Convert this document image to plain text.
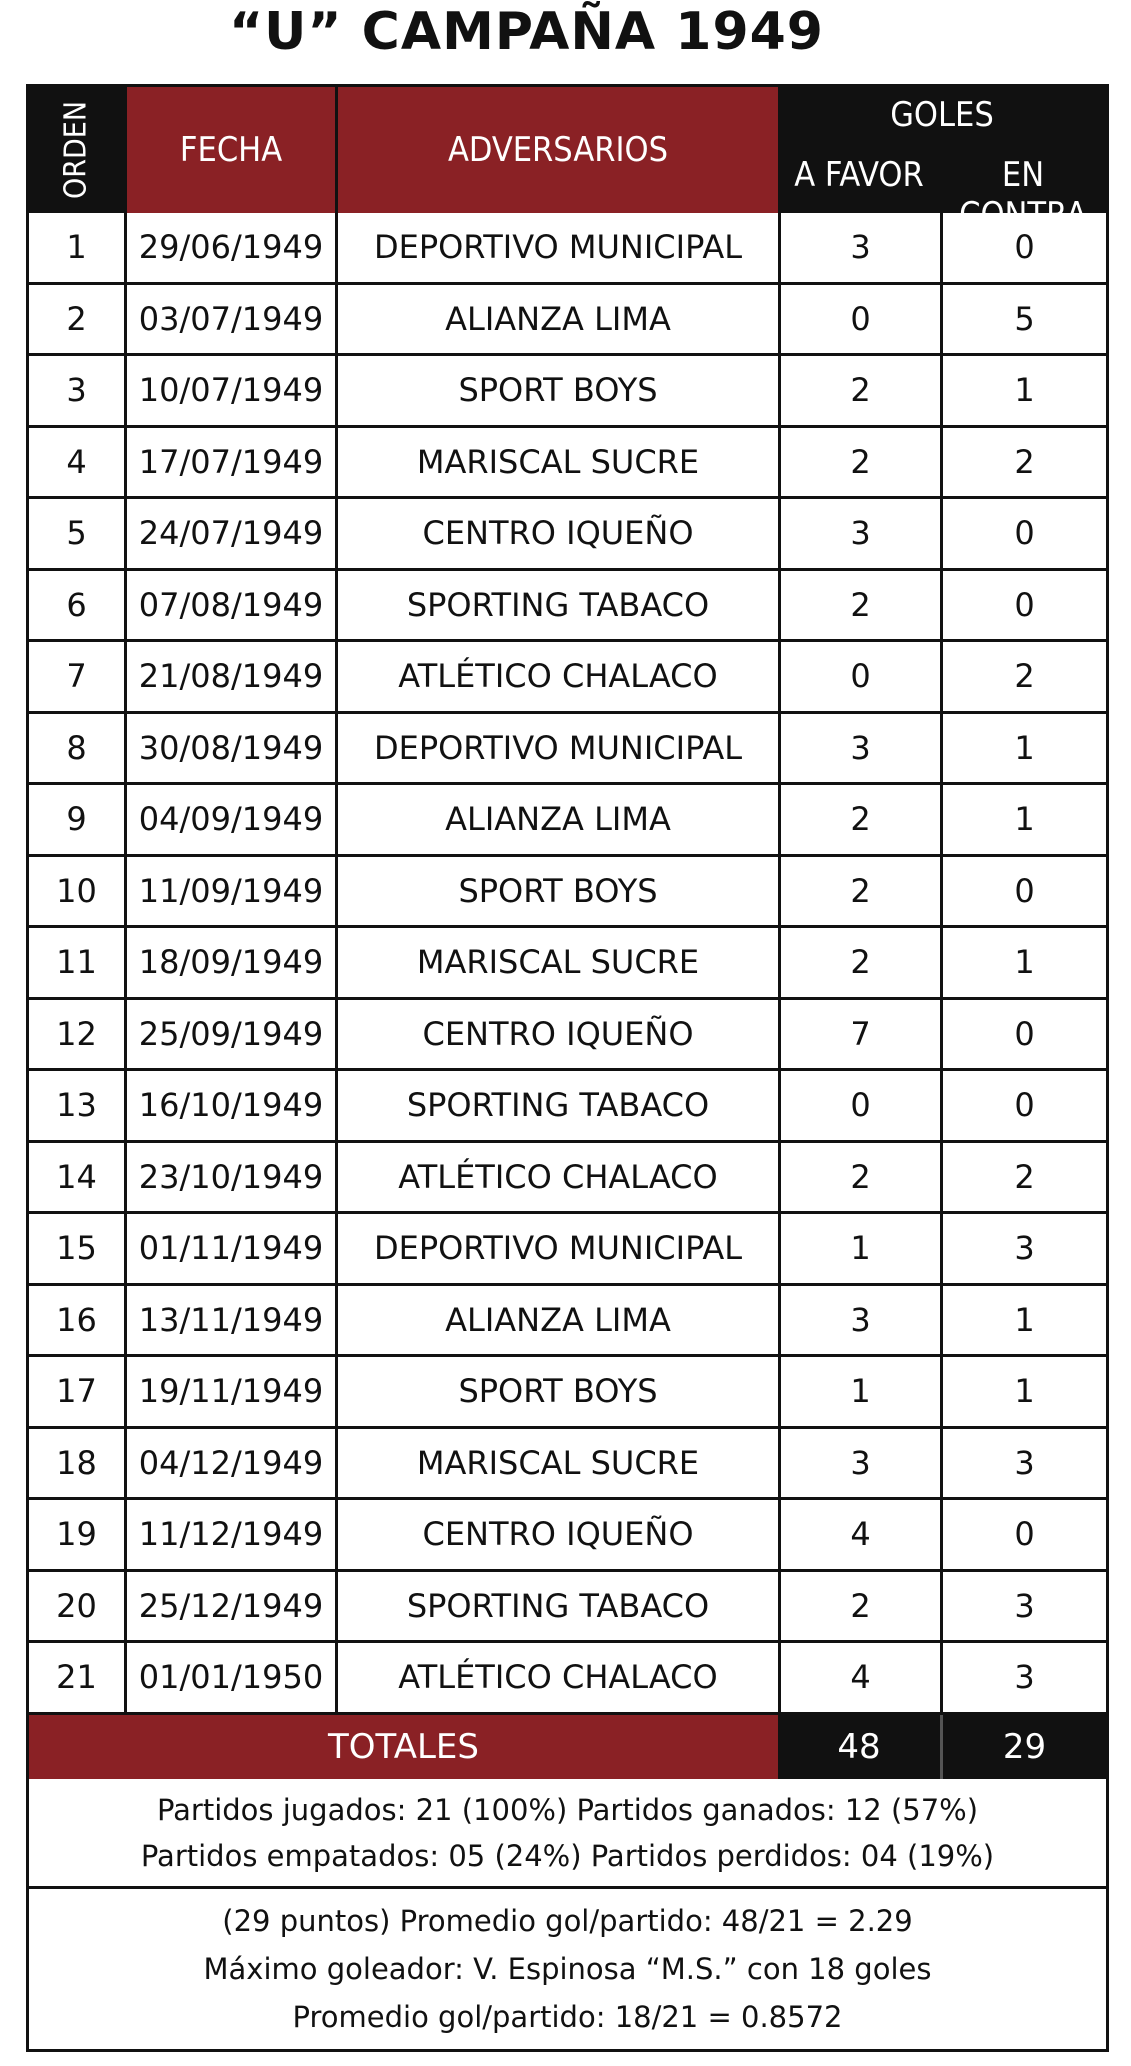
“U” CAMPAÑA 1949
ORDEN	FECHA	ADVERSARIOS
GOLES
A FAVOR	EN CONTRA
1	29/06/1949	DEPORTIVO MUNICIPAL	3	0
2	03/07/1949	ALIANZA LIMA	0	5
3	10/07/1949	SPORT BOYS	2	1
4	17/07/1949	MARISCAL SUCRE	2	2
5	24/07/1949	CENTRO IQUEÑO	3	0
6	07/08/1949	SPORTING TABACO	2	0
7	21/08/1949	ATLÉTICO CHALACO	0	2
8	30/08/1949	DEPORTIVO MUNICIPAL	3	1
9	04/09/1949	ALIANZA LIMA	2	1
10	11/09/1949	SPORT BOYS	2	0
11	18/09/1949	MARISCAL SUCRE	2	1
12	25/09/1949	CENTRO IQUEÑO	7	0
13	16/10/1949	SPORTING TABACO	0	0
14	23/10/1949	ATLÉTICO CHALACO	2	2
15	01/11/1949	DEPORTIVO MUNICIPAL	1	3
16	13/11/1949	ALIANZA LIMA	3	1
17	19/11/1949	SPORT BOYS	1	1
18	04/12/1949	MARISCAL SUCRE	3	3
19	11/12/1949	CENTRO IQUEÑO	4	0
20	25/12/1949	SPORTING TABACO	2	3
21	01/01/1950	ATLÉTICO CHALACO	4	3
TOTALES	48	29
Partidos jugados: 21 (100%) Partidos ganados: 12 (57%)
Partidos empatados: 05 (24%) Partidos perdidos: 04 (19%)
(29 puntos) Promedio gol/partido: 48/21 = 2.29
Máximo goleador: V. Espinosa “M.S.” con 18 goles
Promedio gol/partido: 18/21 = 0.8572
